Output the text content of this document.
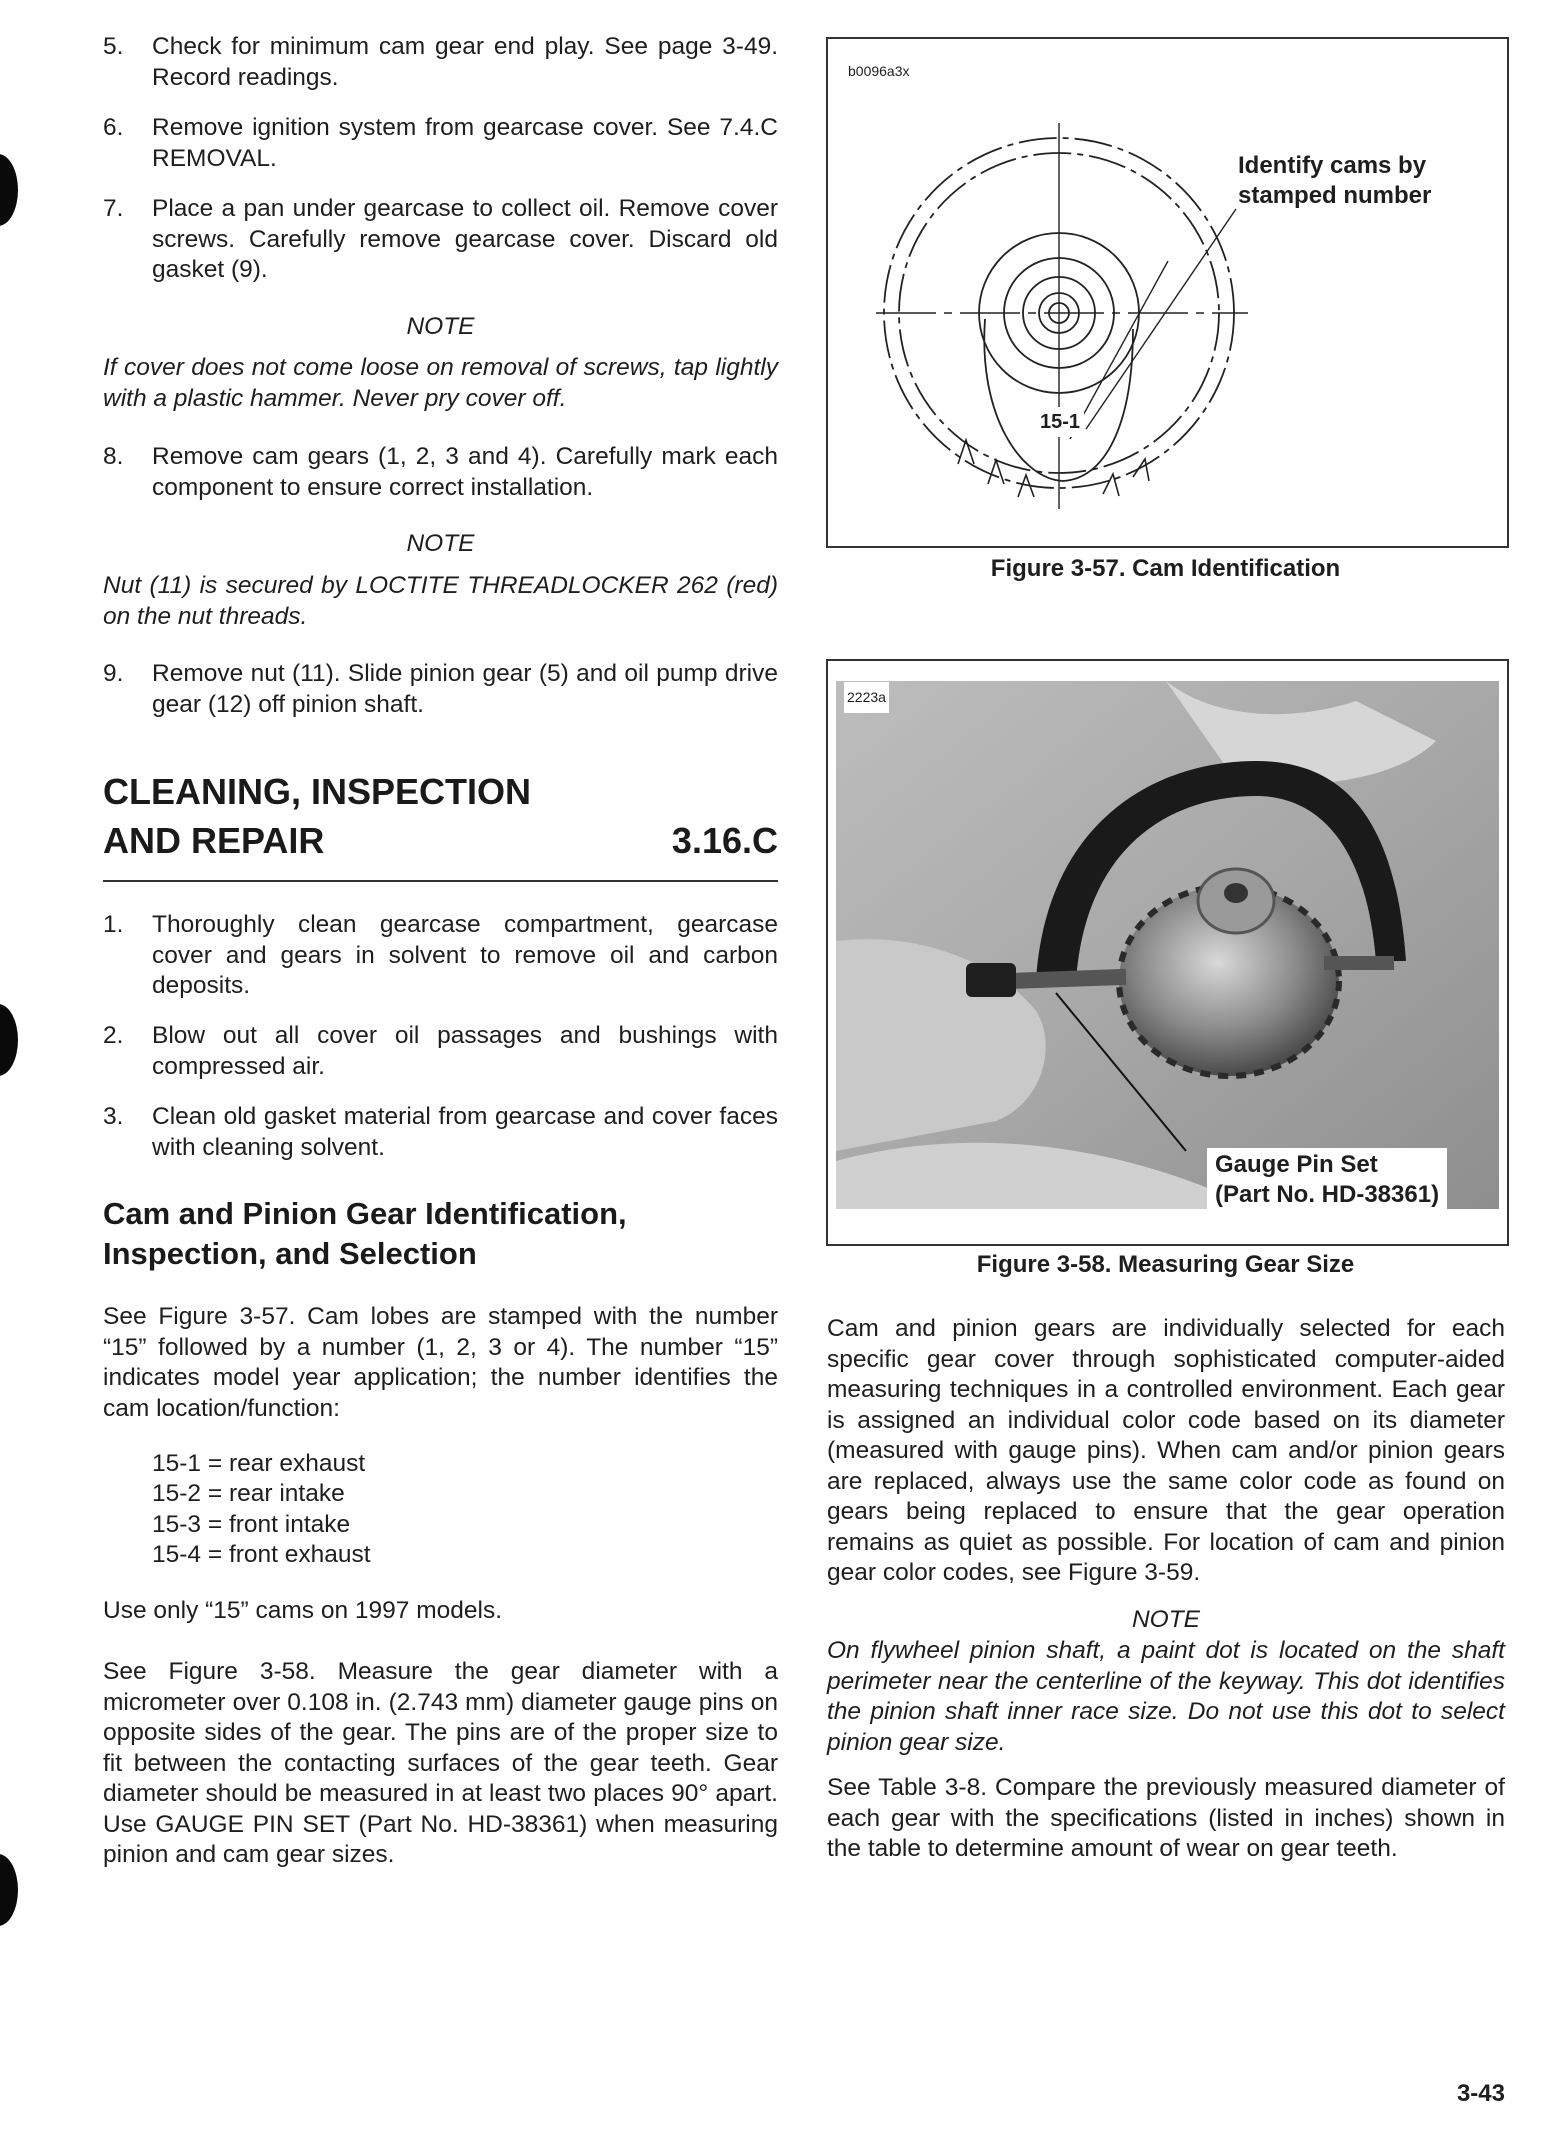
5.	Check for minimum cam gear end play. See page 3-49. Record readings.
6.	Remove ignition system from gearcase cover. See 7.4.C REMOVAL.
7.	Place a pan under gearcase to collect oil. Remove cover screws. Carefully remove gearcase cover. Discard old gasket (9).
NOTE
If cover does not come loose on removal of screws, tap lightly with a plastic hammer. Never pry cover off.
8.	Remove cam gears (1, 2, 3 and 4). Carefully mark each component to ensure correct installation.
NOTE
Nut (11) is secured by LOCTITE THREADLOCKER 262 (red) on the nut threads.
9.	Remove nut (11). Slide pinion gear (5) and oil pump drive gear (12) off pinion shaft.
CLEANING, INSPECTION
AND REPAIR	3.16.C
1.	Thoroughly clean gearcase compartment, gearcase cover and gears in solvent to remove oil and carbon deposits.
2.	Blow out all cover oil passages and bushings with compressed air.
3.	Clean old gasket material from gearcase and cover faces with cleaning solvent.
Cam and Pinion Gear Identification,
Inspection, and Selection
See Figure 3-57. Cam lobes are stamped with the number “15” followed by a number (1, 2, 3 or 4). The number “15” indicates model year application; the number identifies the cam location/function:
15-1 = rear exhaust
15-2 = rear intake
15-3 = front intake
15-4 = front exhaust
Use only “15” cams on 1997 models.
See Figure 3-58. Measure the gear diameter with a micrometer over 0.108 in. (2.743 mm) diameter gauge pins on opposite sides of the gear. The pins are of the proper size to fit between the contacting surfaces of the gear teeth. Gear diameter should be measured in at least two places 90° apart. Use GAUGE PIN SET (Part No. HD-38361) when measuring pinion and cam gear sizes.
b0096a3x
Identify cams by
stamped number
15-1
Figure 3-57. Cam Identification
2223a
Gauge Pin Set
(Part No. HD-38361)
Figure 3-58. Measuring Gear Size
Cam and pinion gears are individually selected for each specific gear cover through sophisticated computer-aided measuring techniques in a controlled environment. Each gear is assigned an individual color code based on its diameter (measured with gauge pins). When cam and/or pinion gears are replaced, always use the same color code as found on gears being replaced to ensure that the gear operation remains as quiet as possible. For location of cam and pinion gear color codes, see Figure 3-59.
NOTE
On flywheel pinion shaft, a paint dot is located on the shaft perimeter near the centerline of the keyway. This dot identifies the pinion shaft inner race size. Do not use this dot to select pinion gear size.
See Table 3-8. Compare the previously measured diameter of each gear with the specifications (listed in inches) shown in the table to determine amount of wear on gear teeth.
3-43
